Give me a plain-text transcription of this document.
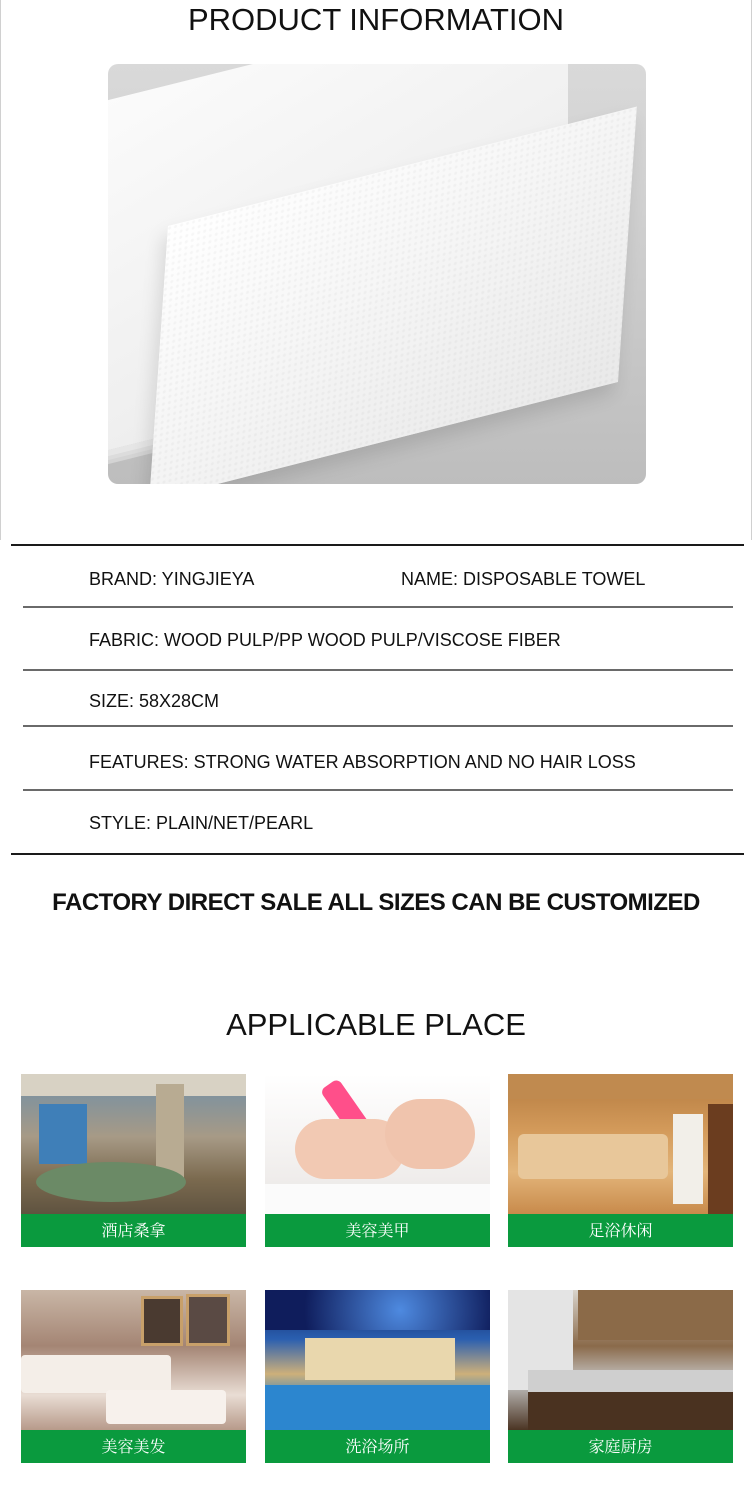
PRODUCT INFORMATION
BRAND: YINGJIEYA	NAME: DISPOSABLE TOWEL
FABRIC: WOOD PULP/PP WOOD PULP/VISCOSE FIBER
SIZE: 58X28CM
FEATURES: STRONG WATER ABSORPTION AND NO HAIR LOSS
STYLE: PLAIN/NET/PEARL
FACTORY DIRECT SALE ALL SIZES CAN BE CUSTOMIZED
APPLICABLE PLACE
酒店桑拿	美容美甲	足浴休闲
美容美发	洗浴场所	家庭厨房
